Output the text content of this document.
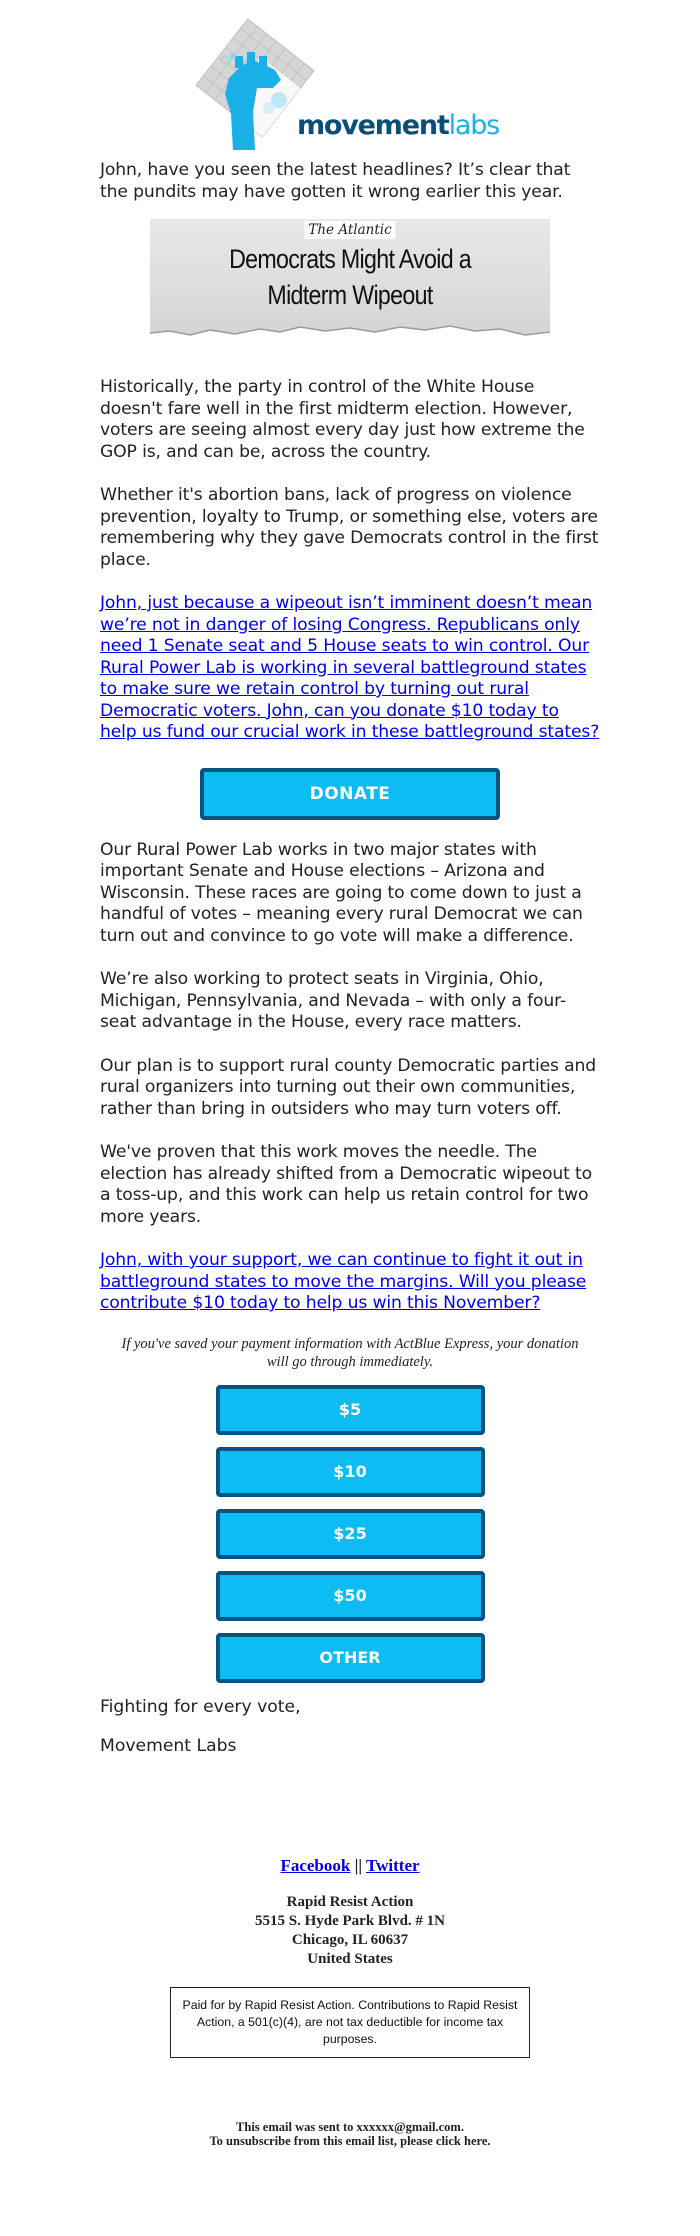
movementlabs

John, have you seen the latest headlines? It’s clear that the pundits may have gotten it wrong earlier this year.

The Atlantic
Democrats Might Avoid a
Midterm Wipeout

Historically, the party in control of the White House doesn't fare well in the first midterm election. However, voters are seeing almost every day just how extreme the GOP is, and can be, across the country.

Whether it's abortion bans, lack of progress on violence prevention, loyalty to Trump, or something else, voters are remembering why they gave Democrats control in the first place.

John, just because a wipeout isn’t imminent doesn’t mean we’re not in danger of losing Congress. Republicans only need 1 Senate seat and 5 House seats to win control. Our Rural Power Lab is working in several battleground states to make sure we retain control by turning out rural Democratic voters. John, can you donate $10 today to help us fund our crucial work in these battleground states?

DONATE

Our Rural Power Lab works in two major states with important Senate and House elections – Arizona and Wisconsin. These races are going to come down to just a handful of votes – meaning every rural Democrat we can turn out and convince to go vote will make a difference.

We’re also working to protect seats in Virginia, Ohio, Michigan, Pennsylvania, and Nevada – with only a four-seat advantage in the House, every race matters.

Our plan is to support rural county Democratic parties and rural organizers into turning out their own communities, rather than bring in outsiders who may turn voters off.

We've proven that this work moves the needle. The election has already shifted from a Democratic wipeout to a toss-up, and this work can help us retain control for two more years.

John, with your support, we can continue to fight it out in battleground states to move the margins. Will you please contribute $10 today to help us win this November?

If you've saved your payment information with ActBlue Express, your donation will go through immediately.

$5
$10
$25
$50
OTHER

Fighting for every vote,

Movement Labs

Facebook || Twitter
Rapid Resist Action
5515 S. Hyde Park Blvd. # 1N
Chicago, IL 60637
United States
Paid for by Rapid Resist Action. Contributions to Rapid Resist Action, a 501(c)(4), are not tax deductible for income tax purposes.
This email was sent to xxxxxx@gmail.com.
To unsubscribe from this email list, please click here.
